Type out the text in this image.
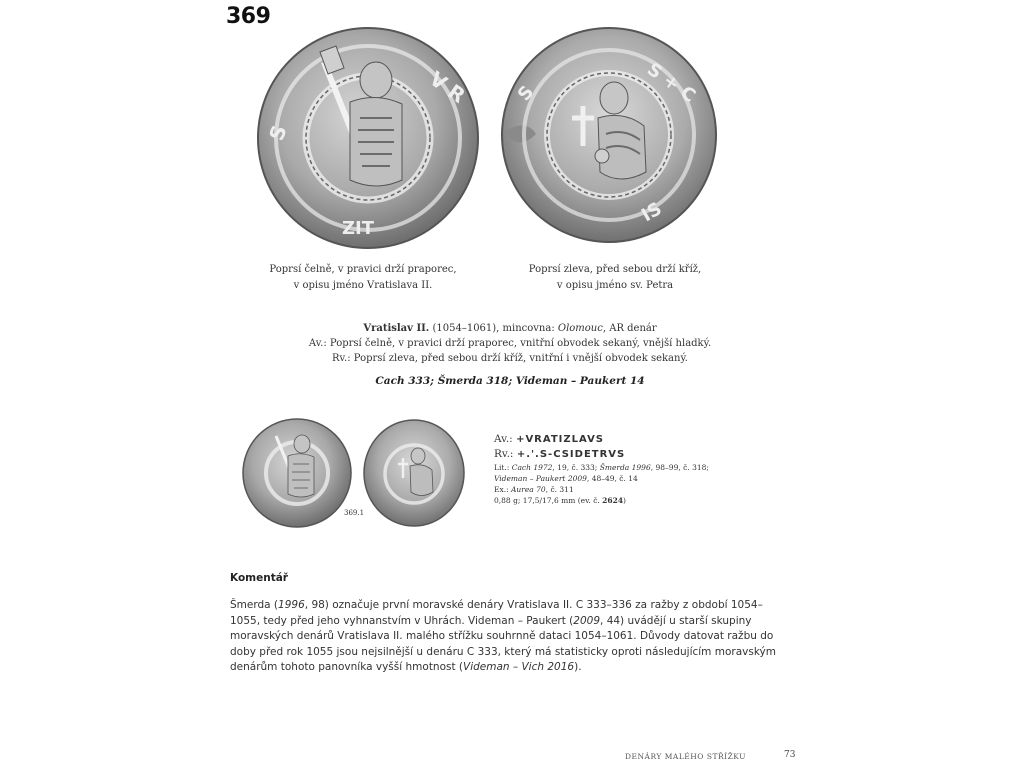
369
V R
S
ZIT
S + C
S
IS
Poprsí čelně, v pravici drží praporec,
v opisu jméno Vratislava II.
Poprsí zleva, před sebou drží kříž,
v opisu jméno sv. Petra
Vratislav II. (1054–1061), mincovna: Olomouc, AR denár
Av.: Poprsí čelně, v pravici drží praporec, vnitřní obvodek sekaný, vnější hladký.
Rv.: Poprsí zleva, před sebou drží kříž, vnitřní i vnější obvodek sekaný.
Cach 333; Šmerda 318; Videman – Paukert 14
369.1
Av.: +VRATIZLAVS
Rv.: +.'.S-CSIDETRVS
Lit.: Cach 1972, 19, č. 333; Šmerda 1996, 98–99, č. 318;
Videman – Paukert 2009, 48–49, č. 14
Ex.: Aurea 70, č. 311
0,88 g; 17,5/17,6 mm (ev. č. 2624)
Komentář
Šmerda (1996, 98) označuje první moravské denáry Vratislava II. C 333–336 za ražby z období 1054–1055, tedy před jeho vyhnanstvím v Uhrách. Videman – Paukert (2009, 44) uvádějí u starší skupiny moravských denárů Vratislava II. malého střížku souhrnně dataci 1054–1061. Důvody datovat ražbu do doby před rok 1055 jsou nejsilnější u denáru C 333, který má statisticky oproti následujícím moravským denárům tohoto panovníka vyšší hmotnost (Videman – Vich 2016).
DENÁRY MALÉHO STŘÍŽKU	73
